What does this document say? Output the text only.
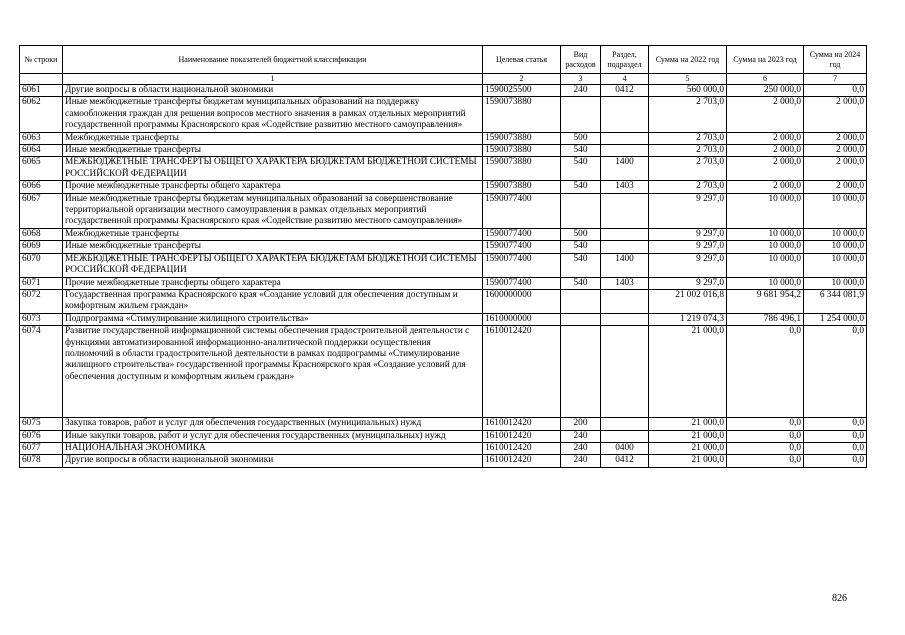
№ строки	Наименование показателей бюджетной классификации	Целевая статья	Вид расходов	Раздел, подраздел	Сумма на 2022 год	Сумма на 2023 год	Сумма на 2024 год
	1	2	3	4	5	6	7
6061	Другие вопросы в области национальной экономики	1590025500	240	0412	560 000,0	250 000,0	0,0
6062	Иные межбюджетные трансферты бюджетам муниципальных образований на поддержку самообложения граждан для решения вопросов местного значения в рамках отдельных мероприятий государственной программы Красноярского края «Содействие развитию местного самоуправления»	1590073880			2 703,0	2 000,0	2 000,0
6063	Межбюджетные трансферты	1590073880	500		2 703,0	2 000,0	2 000,0
6064	Иные межбюджетные трансферты	1590073880	540		2 703,0	2 000,0	2 000,0
6065	МЕЖБЮДЖЕТНЫЕ ТРАНСФЕРТЫ ОБЩЕГО ХАРАКТЕРА БЮДЖЕТАМ БЮДЖЕТНОЙ СИСТЕМЫ РОССИЙСКОЙ ФЕДЕРАЦИИ	1590073880	540	1400	2 703,0	2 000,0	2 000,0
6066	Прочие межбюджетные трансферты общего характера	1590073880	540	1403	2 703,0	2 000,0	2 000,0
6067	Иные межбюджетные трансферты бюджетам муниципальных образований за совершенствование территориальной организации местного самоуправления в рамках отдельных мероприятий государственной программы Красноярского края «Содействие развитию местного самоуправления»	1590077400			9 297,0	10 000,0	10 000,0
6068	Межбюджетные трансферты	1590077400	500		9 297,0	10 000,0	10 000,0
6069	Иные межбюджетные трансферты	1590077400	540		9 297,0	10 000,0	10 000,0
6070	МЕЖБЮДЖЕТНЫЕ ТРАНСФЕРТЫ ОБЩЕГО ХАРАКТЕРА БЮДЖЕТАМ БЮДЖЕТНОЙ СИСТЕМЫ РОССИЙСКОЙ ФЕДЕРАЦИИ	1590077400	540	1400	9 297,0	10 000,0	10 000,0
6071	Прочие межбюджетные трансферты общего характера	1590077400	540	1403	9 297,0	10 000,0	10 000,0
6072	Государственная программа Красноярского края «Создание условий для обеспечения доступным и комфортным жильем граждан»	1600000000			21 002 016,8	9 681 954,2	6 344 081,9
6073	Подпрограмма «Стимулирование жилищного строительства»	1610000000			1 219 074,3	786 496,1	1 254 000,0
6074	Развитие государственной информационной системы обеспечения градостроительной деятельности с функциями автоматизированной информационно-аналитической поддержки осуществления полномочий в области градостроительной деятельности в рамках подпрограммы «Стимулирование жилищного строительства» государственной программы Красноярского края «Создание условий для обеспечения доступным и комфортным жильем граждан»	1610012420			21 000,0	0,0	0,0
6075	Закупка товаров, работ и услуг для обеспечения государственных (муниципальных) нужд	1610012420	200		21 000,0	0,0	0,0
6076	Иные закупки товаров, работ и услуг для обеспечения государственных (муниципальных) нужд	1610012420	240		21 000,0	0,0	0,0
6077	НАЦИОНАЛЬНАЯ ЭКОНОМИКА	1610012420	240	0400	21 000,0	0,0	0,0
6078	Другие вопросы в области национальной экономики	1610012420	240	0412	21 000,0	0,0	0,0
826
